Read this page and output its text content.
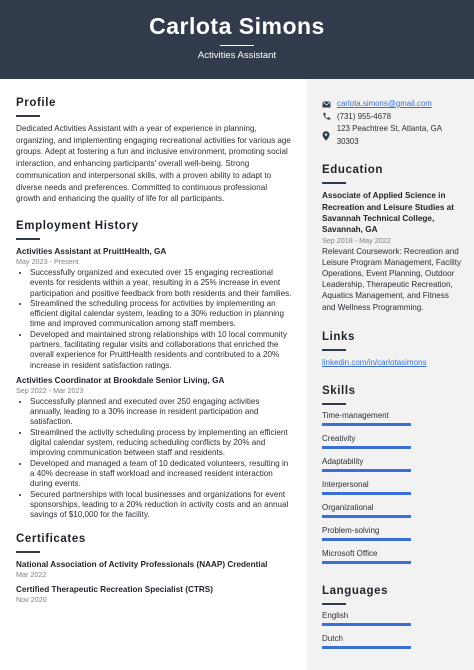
Carlota Simons
Activities Assistant
Profile

Dedicated Activities Assistant with a year of experience in planning, organizing, and implementing engaging recreational activities for various age groups. Adept at fostering a fun and inclusive environment, promoting social interaction, and enhancing participants' overall well-being. Strong communication and interpersonal skills, with a proven ability to adapt to diverse needs and preferences. Committed to continuous professional growth and enhancing the quality of life for all participants.

Employment History
Activities Assistant at PruittHealth, GA
May 2023 - Present
• Successfully organized and executed over 15 engaging recreational events for residents within a year, resulting in a 25% increase in event participation and positive feedback from both residents and their families.
• Streamlined the scheduling process for activities by implementing an efficient digital calendar system, leading to a 30% reduction in planning time and improved communication among staff members.
• Developed and maintained strong relationships with 10 local community partners, facilitating regular visits and collaborations that enriched the overall experience for PruittHealth residents and contributed to a 20% increase in resident satisfaction ratings.
Activities Coordinator at Brookdale Senior Living, GA
Sep 2022 - Mar 2023
• Successfully planned and executed over 250 engaging activities annually, leading to a 30% increase in resident participation and satisfaction.
• Streamlined the activity scheduling process by implementing an efficient digital calendar system, reducing scheduling conflicts by 20% and improving communication between staff and residents.
• Developed and managed a team of 10 dedicated volunteers, resulting in a 40% decrease in staff workload and increased resident interaction during events.
• Secured partnerships with local businesses and organizations for event sponsorships, leading to a 20% reduction in activity costs and an annual savings of $10,000 for the facility.
Certificates
National Association of Activity Professionals (NAAP) Credential
Mar 2022
Certified Therapeutic Recreation Specialist (CTRS)
Nov 2020
carlota.simons@gmail.com
(731) 955-4678
123 Peachtree St, Atlanta, GA 30303
Education
Associate of Applied Science in Recreation and Leisure Studies at Savannah Technical College, Savannah, GA
Sep 2018 - May 2022

Relevant Coursework: Recreation and Leisure Program Management, Facility Operations, Event Planning, Outdoor Leadership, Therapeutic Recreation, Aquatics Management, and Fitness and Wellness Programming.

Links
linkedin.com/in/carlotasimons
Skills
Time-management
Creativity
Adaptability
Interpersonal
Organizational
Problem-solving
Microsoft Office
Languages
English
Dutch
